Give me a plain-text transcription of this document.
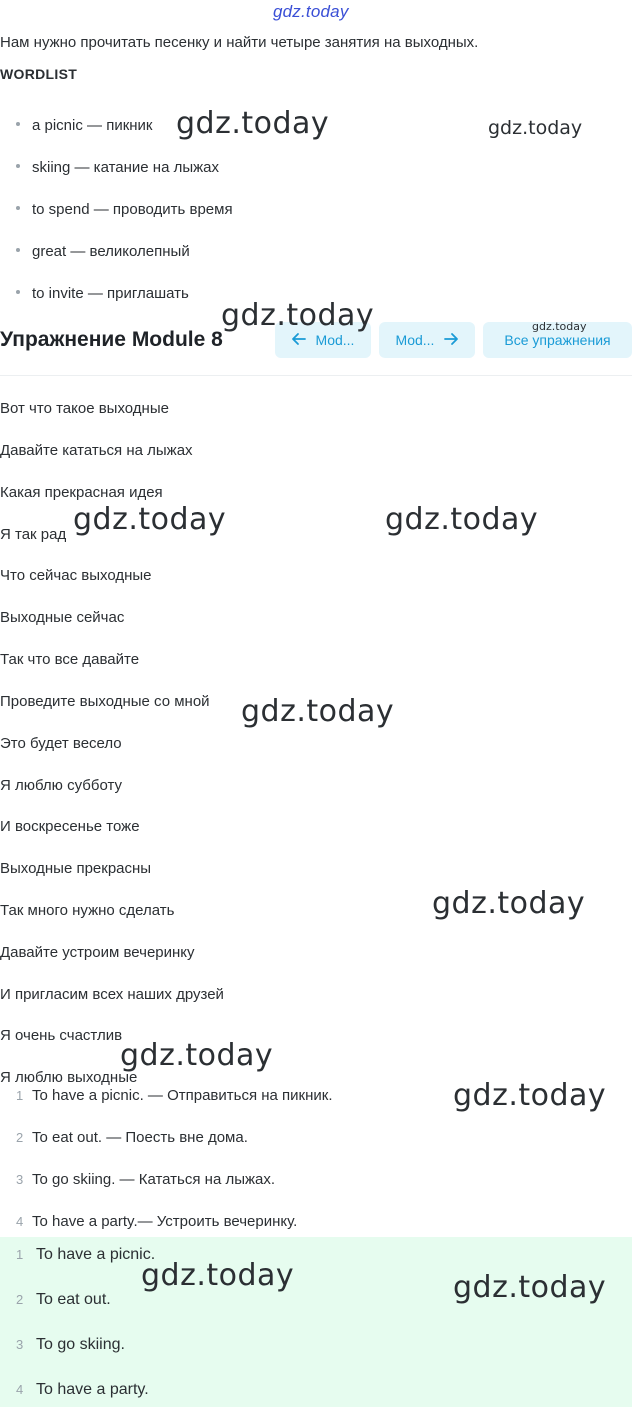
gdz.today
Нам нужно прочитать песенку и найти четыре занятия на выходных.
WORDLIST
a picnic — пикник
skiing — катание на лыжах
to spend — проводить время
great — великолепный
to invite — приглашать
Упражнение Module 8	Mod...	Mod...	Все упражнения
Вот что такое выходные
Давайте кататься на лыжах
Какая прекрасная идея
Я так рад
Что сейчас выходные
Выходные сейчас
Так что все давайте
Проведите выходные со мной
Это будет весело
Я люблю субботу
И воскресенье тоже
Выходные прекрасны
Так много нужно сделать
Давайте устроим вечеринку
И пригласим всех наших друзей
Я очень счастлив
Я люблю выходные
1 To have a picnic. — Отправиться на пикник.
2 To eat out. — Поесть вне дома.
3 To go skiing. — Кататься на лыжах.
4 To have a party.— Устроить вечеринку.
1 To have a picnic.
2 To eat out.
3 To go skiing.
4 To have a party.
gdz.today	gdz.today
gdz.today	gdz.today
gdz.today	gdz.today
gdz.today
gdz.today
gdz.today
gdz.today
gdz.today	gdz.today
